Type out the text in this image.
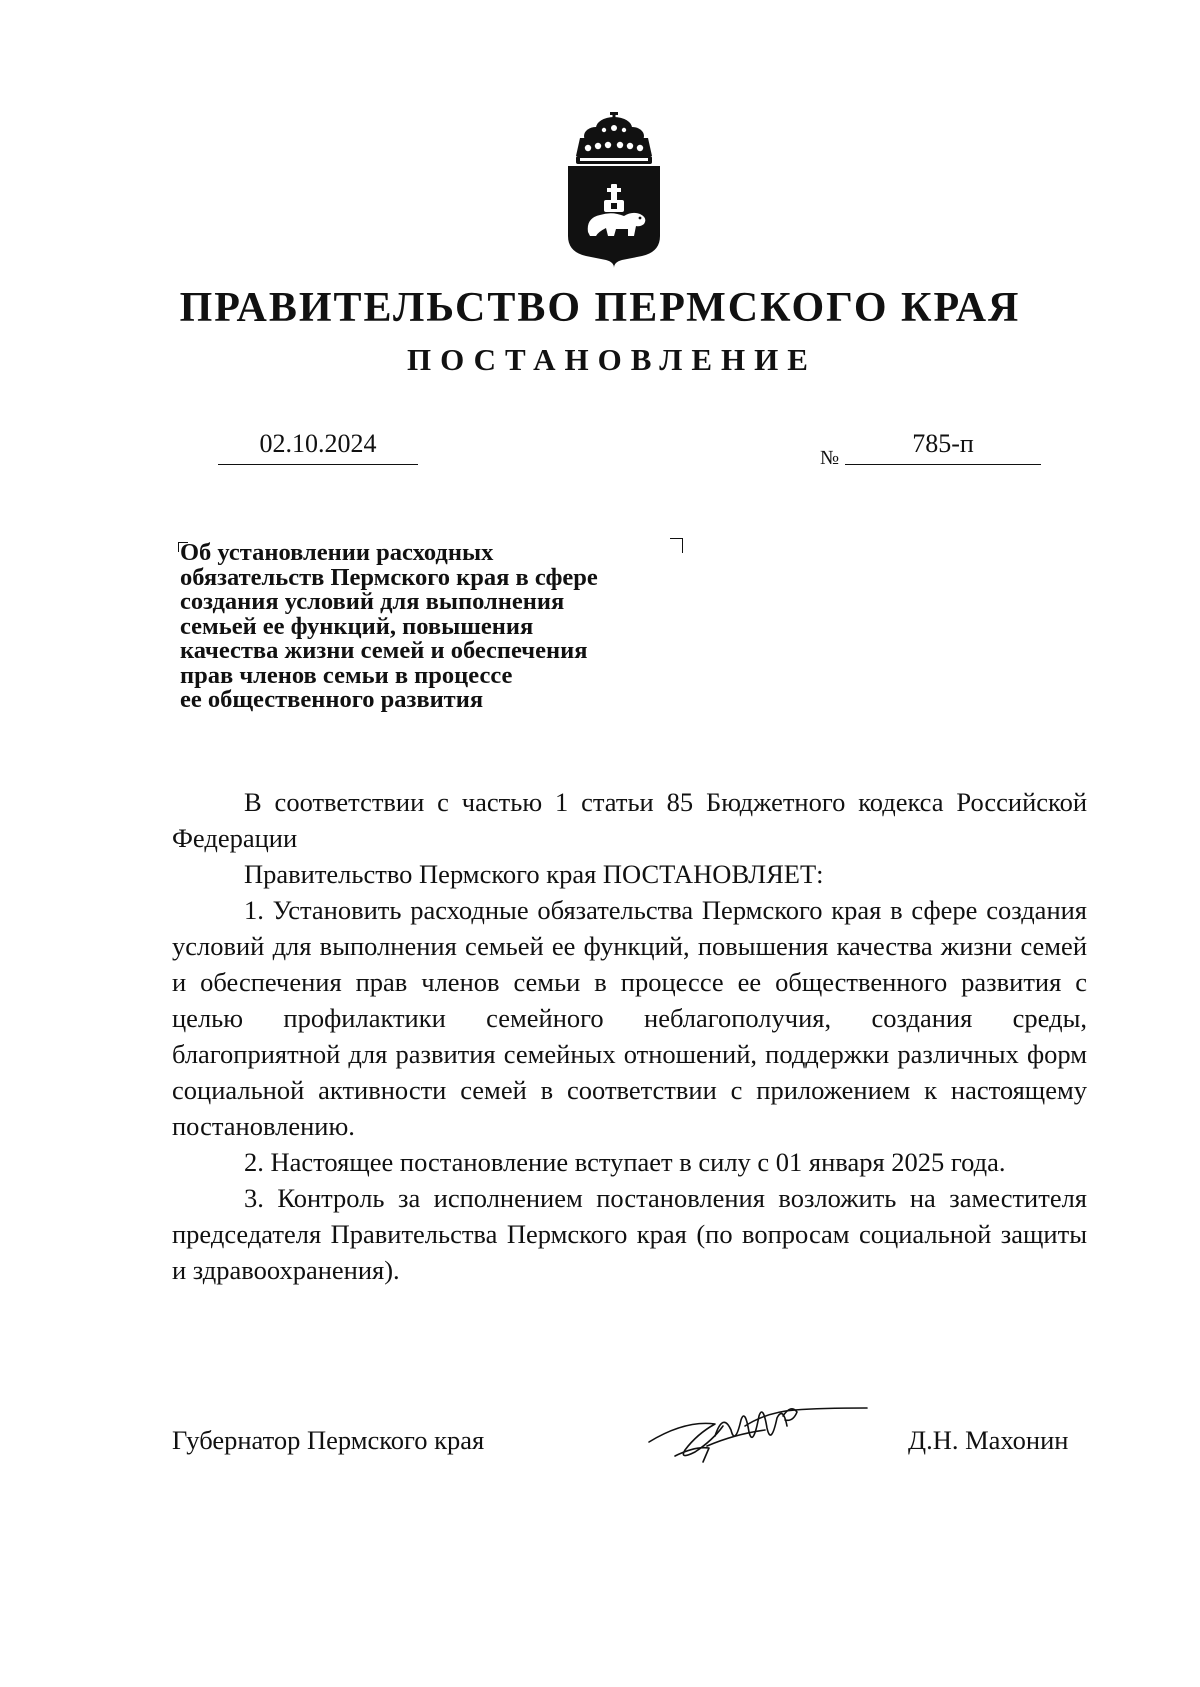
ПРАВИТЕЛЬСТВО ПЕРМСКОГО КРАЯ
ПОСТАНОВЛЕНИЕ
02.10.2024	№	785-п
Об установлении расходных
обязательств Пермского края в сфере
создания условий для выполнения
семьей ее функций, повышения
качества жизни семей и обеспечения
прав членов семьи в процессе
ее общественного развития

В соответствии с частью 1 статьи 85 Бюджетного кодекса Российской Федерации

Правительство Пермского края ПОСТАНОВЛЯЕТ:

1. Установить расходные обязательства Пермского края в сфере создания условий для выполнения семьей ее функций, повышения качества жизни семей и обеспечения прав членов семьи в процессе ее общественного развития с целью профилактики семейного неблагополучия, создания среды, благоприятной для развития семейных отношений, поддержки различных форм социальной активности семей в соответствии с приложением к настоящему постановлению.

2. Настоящее постановление вступает в силу с 01 января 2025 года.

3. Контроль за исполнением постановления возложить на заместителя председателя Правительства Пермского края (по вопросам социальной защиты и здравоохранения).

Губернатор Пермского края	Д.Н. Махонин
